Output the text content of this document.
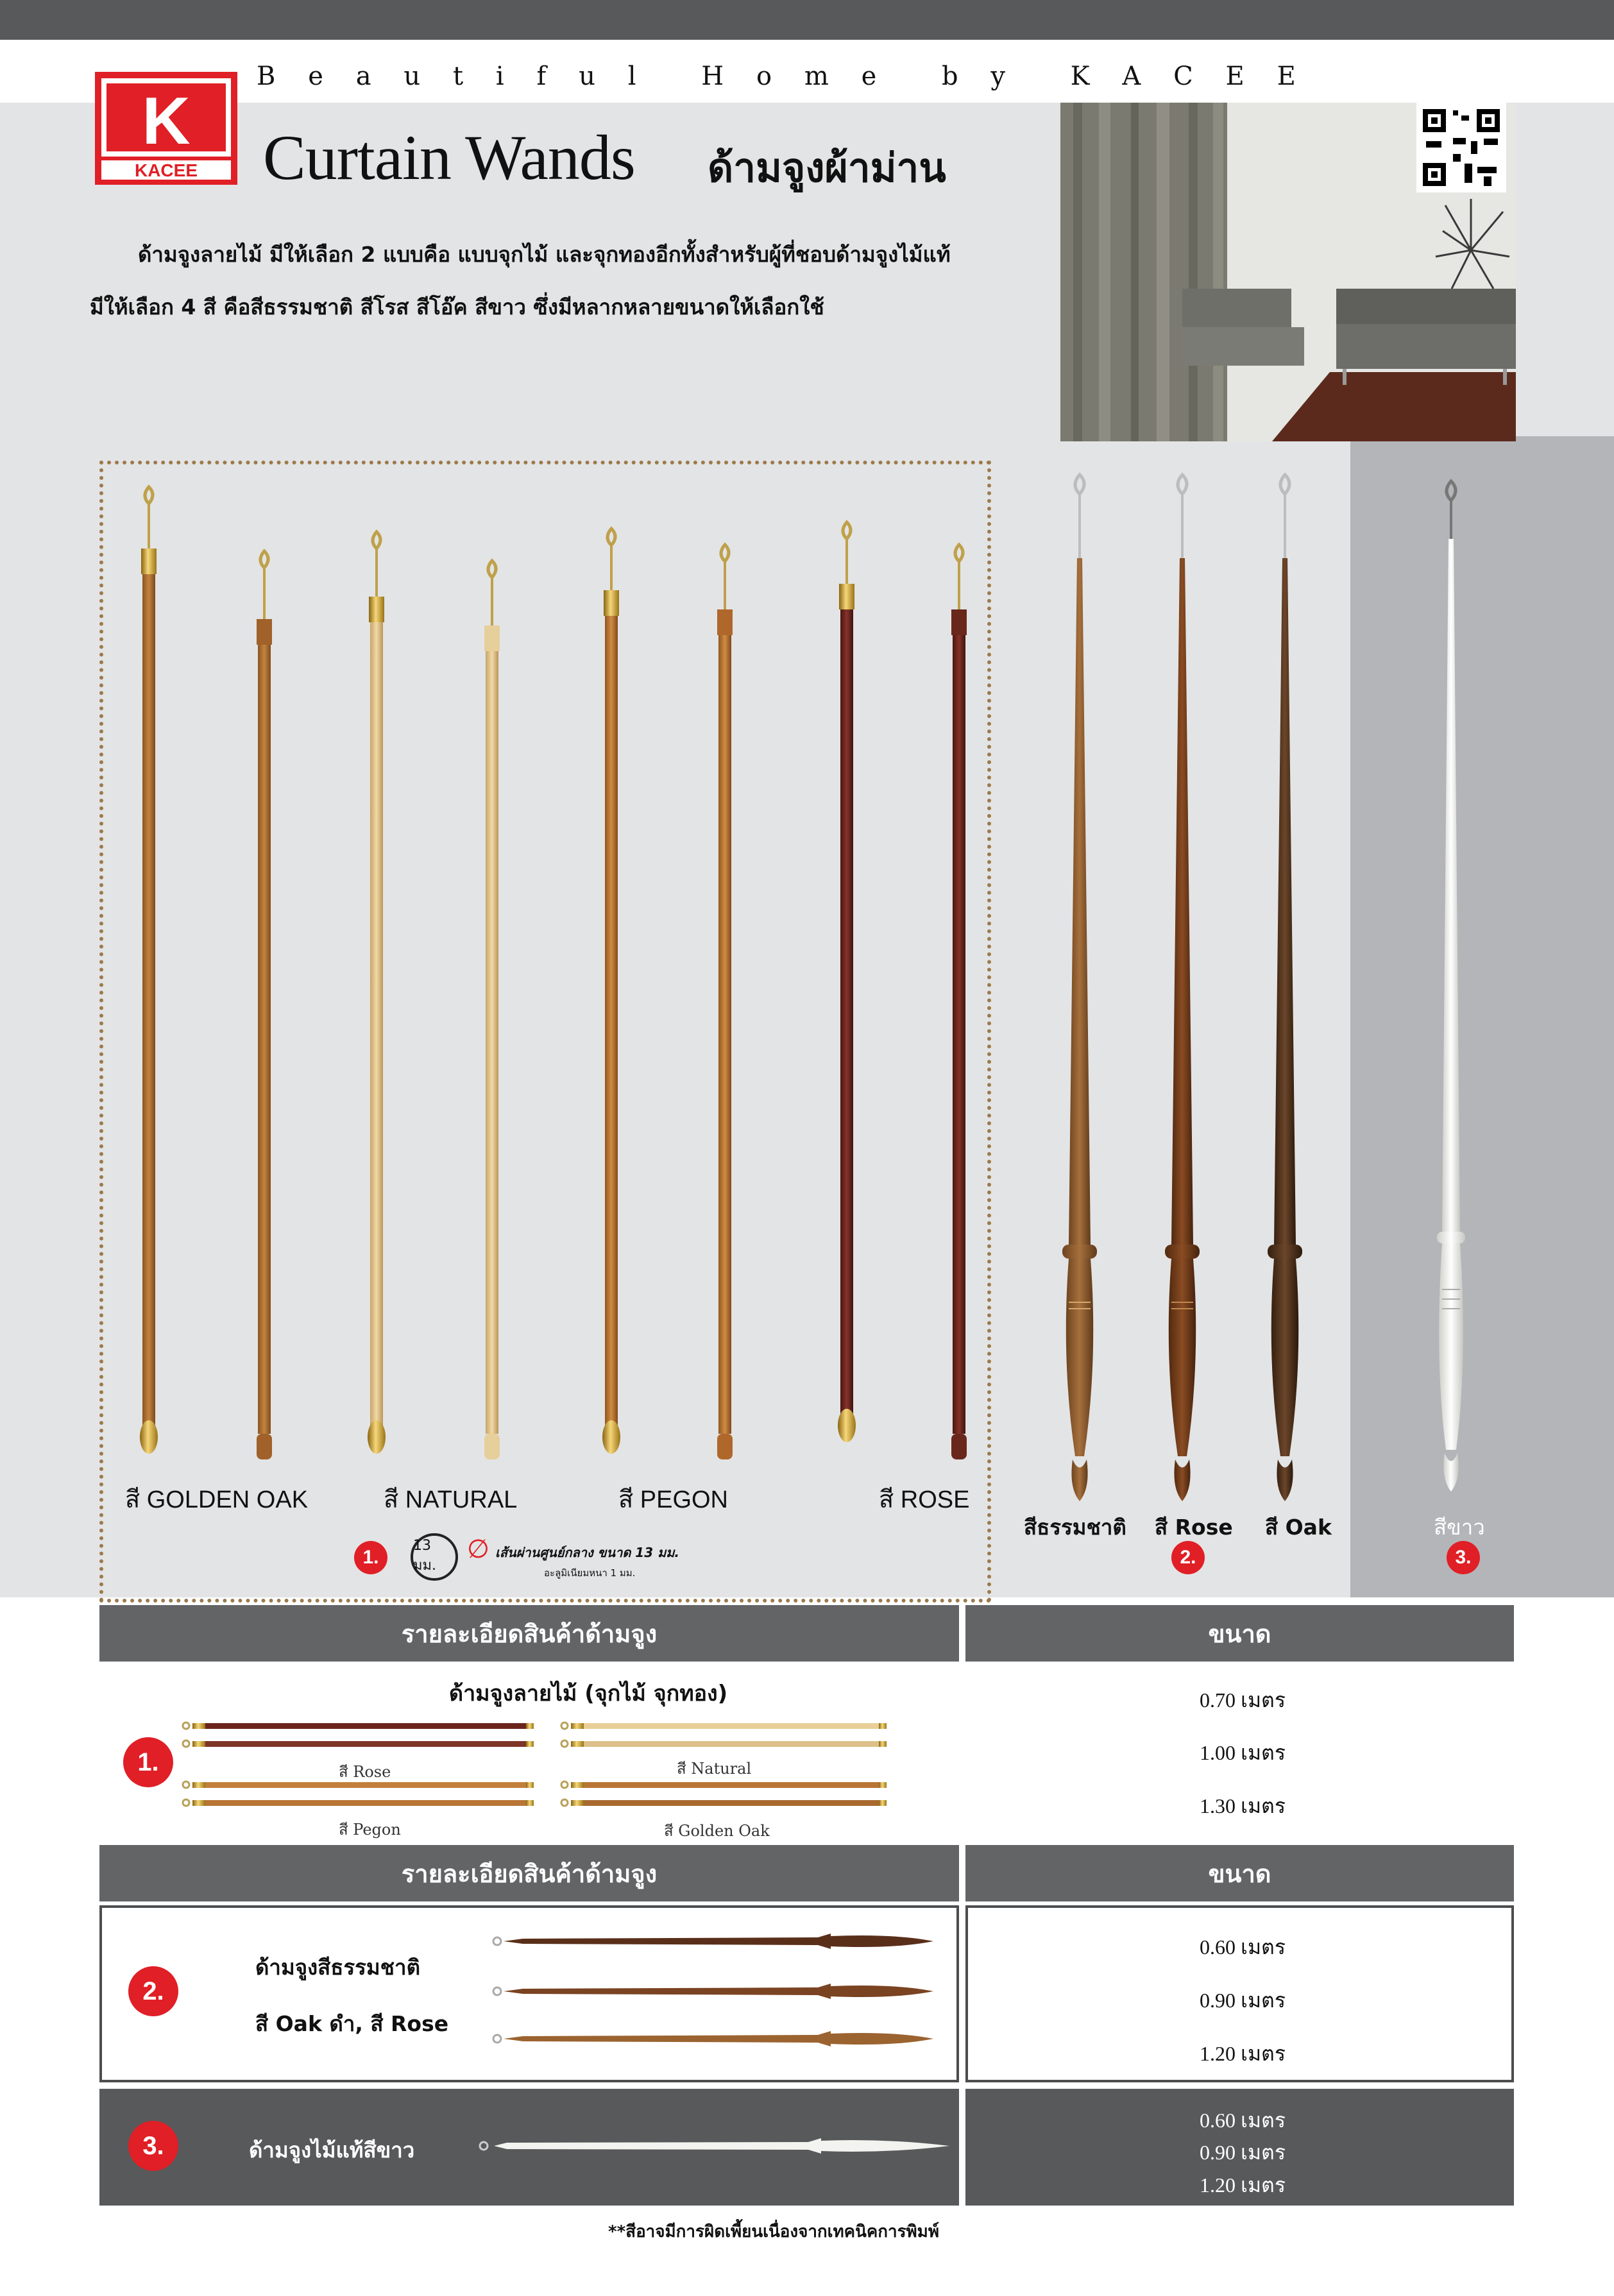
B e a u t i f u l	H o m e	b y	K A C E E
K
KACEE Curtain Wands ด้ามจูงผ้าม่าน
ด้ามจูงลายไม้ มีให้เลือก 2 แบบคือ แบบจุกไม้ และจุกทองอีกทั้งสำหรับผู้ที่ชอบด้ามจูงไม้แท้
มีให้เลือก 4 สี คือสีธรรมชาติ สีโรส สีโอ๊ค สีขาว ซึ่งมีหลากหลายขนาดให้เลือกใช้
สี GOLDEN OAK	สี NATURAL	สี PEGON	สี ROSE
1.
13 มม.
∅ เส้นผ่านศูนย์กลาง ขนาด 13 มม.
อะลูมิเนียมหนา 1 มม.
สีธรรมชาติ สี Rose สี Oak
2.
สีขาว
3.
รายละเอียดสินค้าด้ามจูง	ขนาด
ด้ามจูงลายไม้ (จุกไม้ จุกทอง)
1.	สี Rose	สี Natural
สี Pegon	สี Golden Oak
0.70 เมตร
1.00 เมตร
1.30 เมตร
รายละเอียดสินค้าด้ามจูง	ขนาด
2.
ด้ามจูงสีธรรมชาติ
สี Oak ดำ, สี Rose
0.60 เมตร
0.90 เมตร
1.20 เมตร
3.	ด้ามจูงไม้แท้สีขาว
0.60 เมตร
0.90 เมตร
1.20 เมตร
**สีอาจมีการผิดเพี้ยนเนื่องจากเทคนิคการพิมพ์
